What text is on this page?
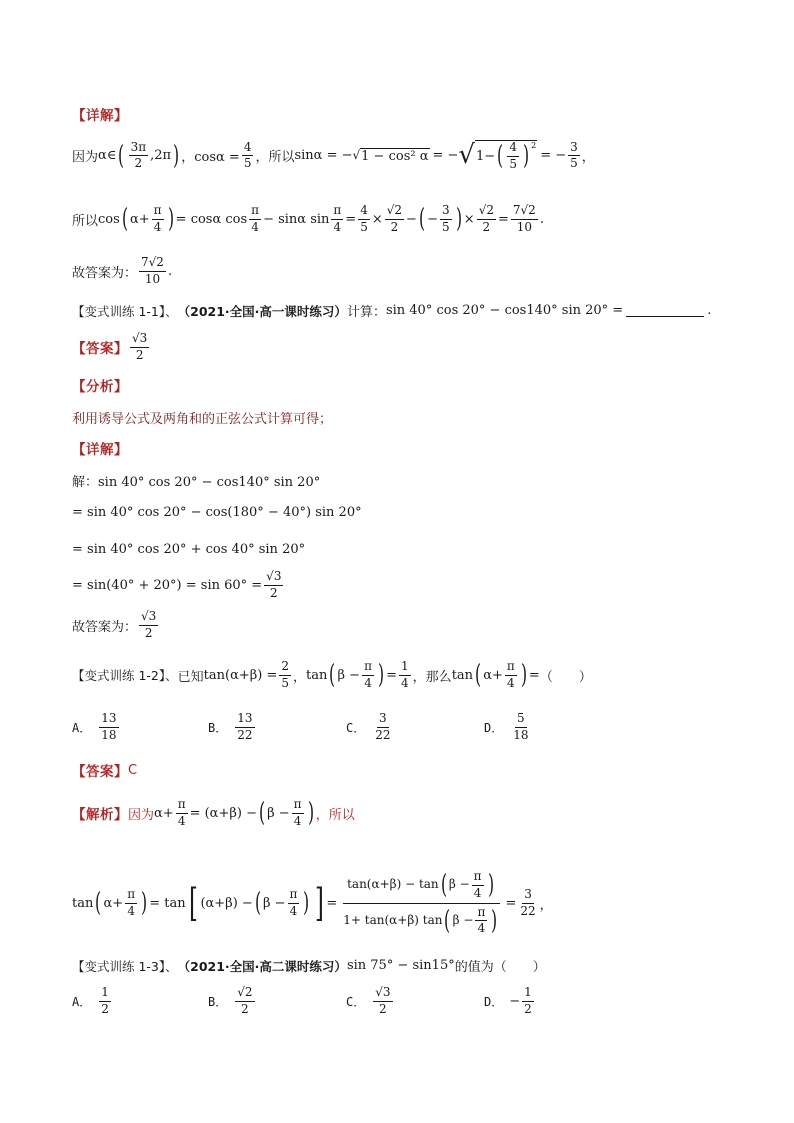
【详解】
因为 α∈ ( $\frac{3\pi}{2} ,2\pi$ ) ，$\cos\alpha = \frac{4}{5}$ ，所以 sinα = − √ 1 − cos² α = − √ 1− ( $\frac{4}{5}$ ) $^2$
= − $\frac{3}{5}$ ，
所以 cos ( $\alpha+ \frac{\pi}{4}$ ) = cosα $\cos \frac{\pi}{4} - \sin\alpha$ $\sin \frac{\pi}{4} = \frac{4}{5} \times \frac{√2}{2}$ − ( − $\frac{3}{5}$ ) × $\frac{√2}{2} = \frac{7√2}{10}$ .
故答案为： $\frac{7√2}{10}$ .
【变式训练 1-1】、 （2021·全国·高一课时练习） 计算： sin 40° cos 20° − cos140° sin 20° =	.
【答案】 $\frac{√3}{2}$
【分析】
利用诱导公式及两角和的正弦公式计算可得；
【详解】
解：sin 40° cos 20° − cos140° sin 20°
= sin 40° cos 20° − cos(180° − 40°) sin 20°
= sin 40° cos 20° + cos 40° sin 20°
= $\sin(40^\circ + 20^\circ) = \sin 60^\circ = \frac{√3}{2}$
故答案为： $\frac{√3}{2}$
【变式训练 1-2】、 已知 $\tan(\alpha+\beta) = \frac{2}{5}$ ， tan ( $\beta - \frac{\pi}{4}$ ) = $\frac{1}{4}$ ，那么 tan ( $\alpha+ \frac{\pi}{4}$ ) = （　　）
A． $\frac{13}{18}$	B． $\frac{13}{22}$	C． $\frac{3}{22}$	D． $\frac{5}{18}$
【答案】 C
【解析】 因为 $\alpha+ \frac{\pi}{4} = (\alpha+\beta)$ − ( $\beta - \frac{\pi}{4}$ ) ，所以
tan ( $\alpha+ \frac{\pi}{4}$ ) = tan [ (α+β) − ( $\beta - \frac{\pi}{4}$ ) ] = $\frac{\tan(\alpha+\beta) - \tan ( \beta - \frac{\pi}{4} )}{1+ \tan(\alpha+\beta) \tan ( \beta - \frac{\pi}{4} )} = \frac{3}{22}$ ，
【变式训练 1-3】、 （2021·全国·高二课时练习） sin 75° − sin15° 的值为（　　）
A． $\frac{1}{2}$	B． $\frac{√2}{2}$	C． $\frac{√3}{2}$	D． − $\frac{1}{2}$
